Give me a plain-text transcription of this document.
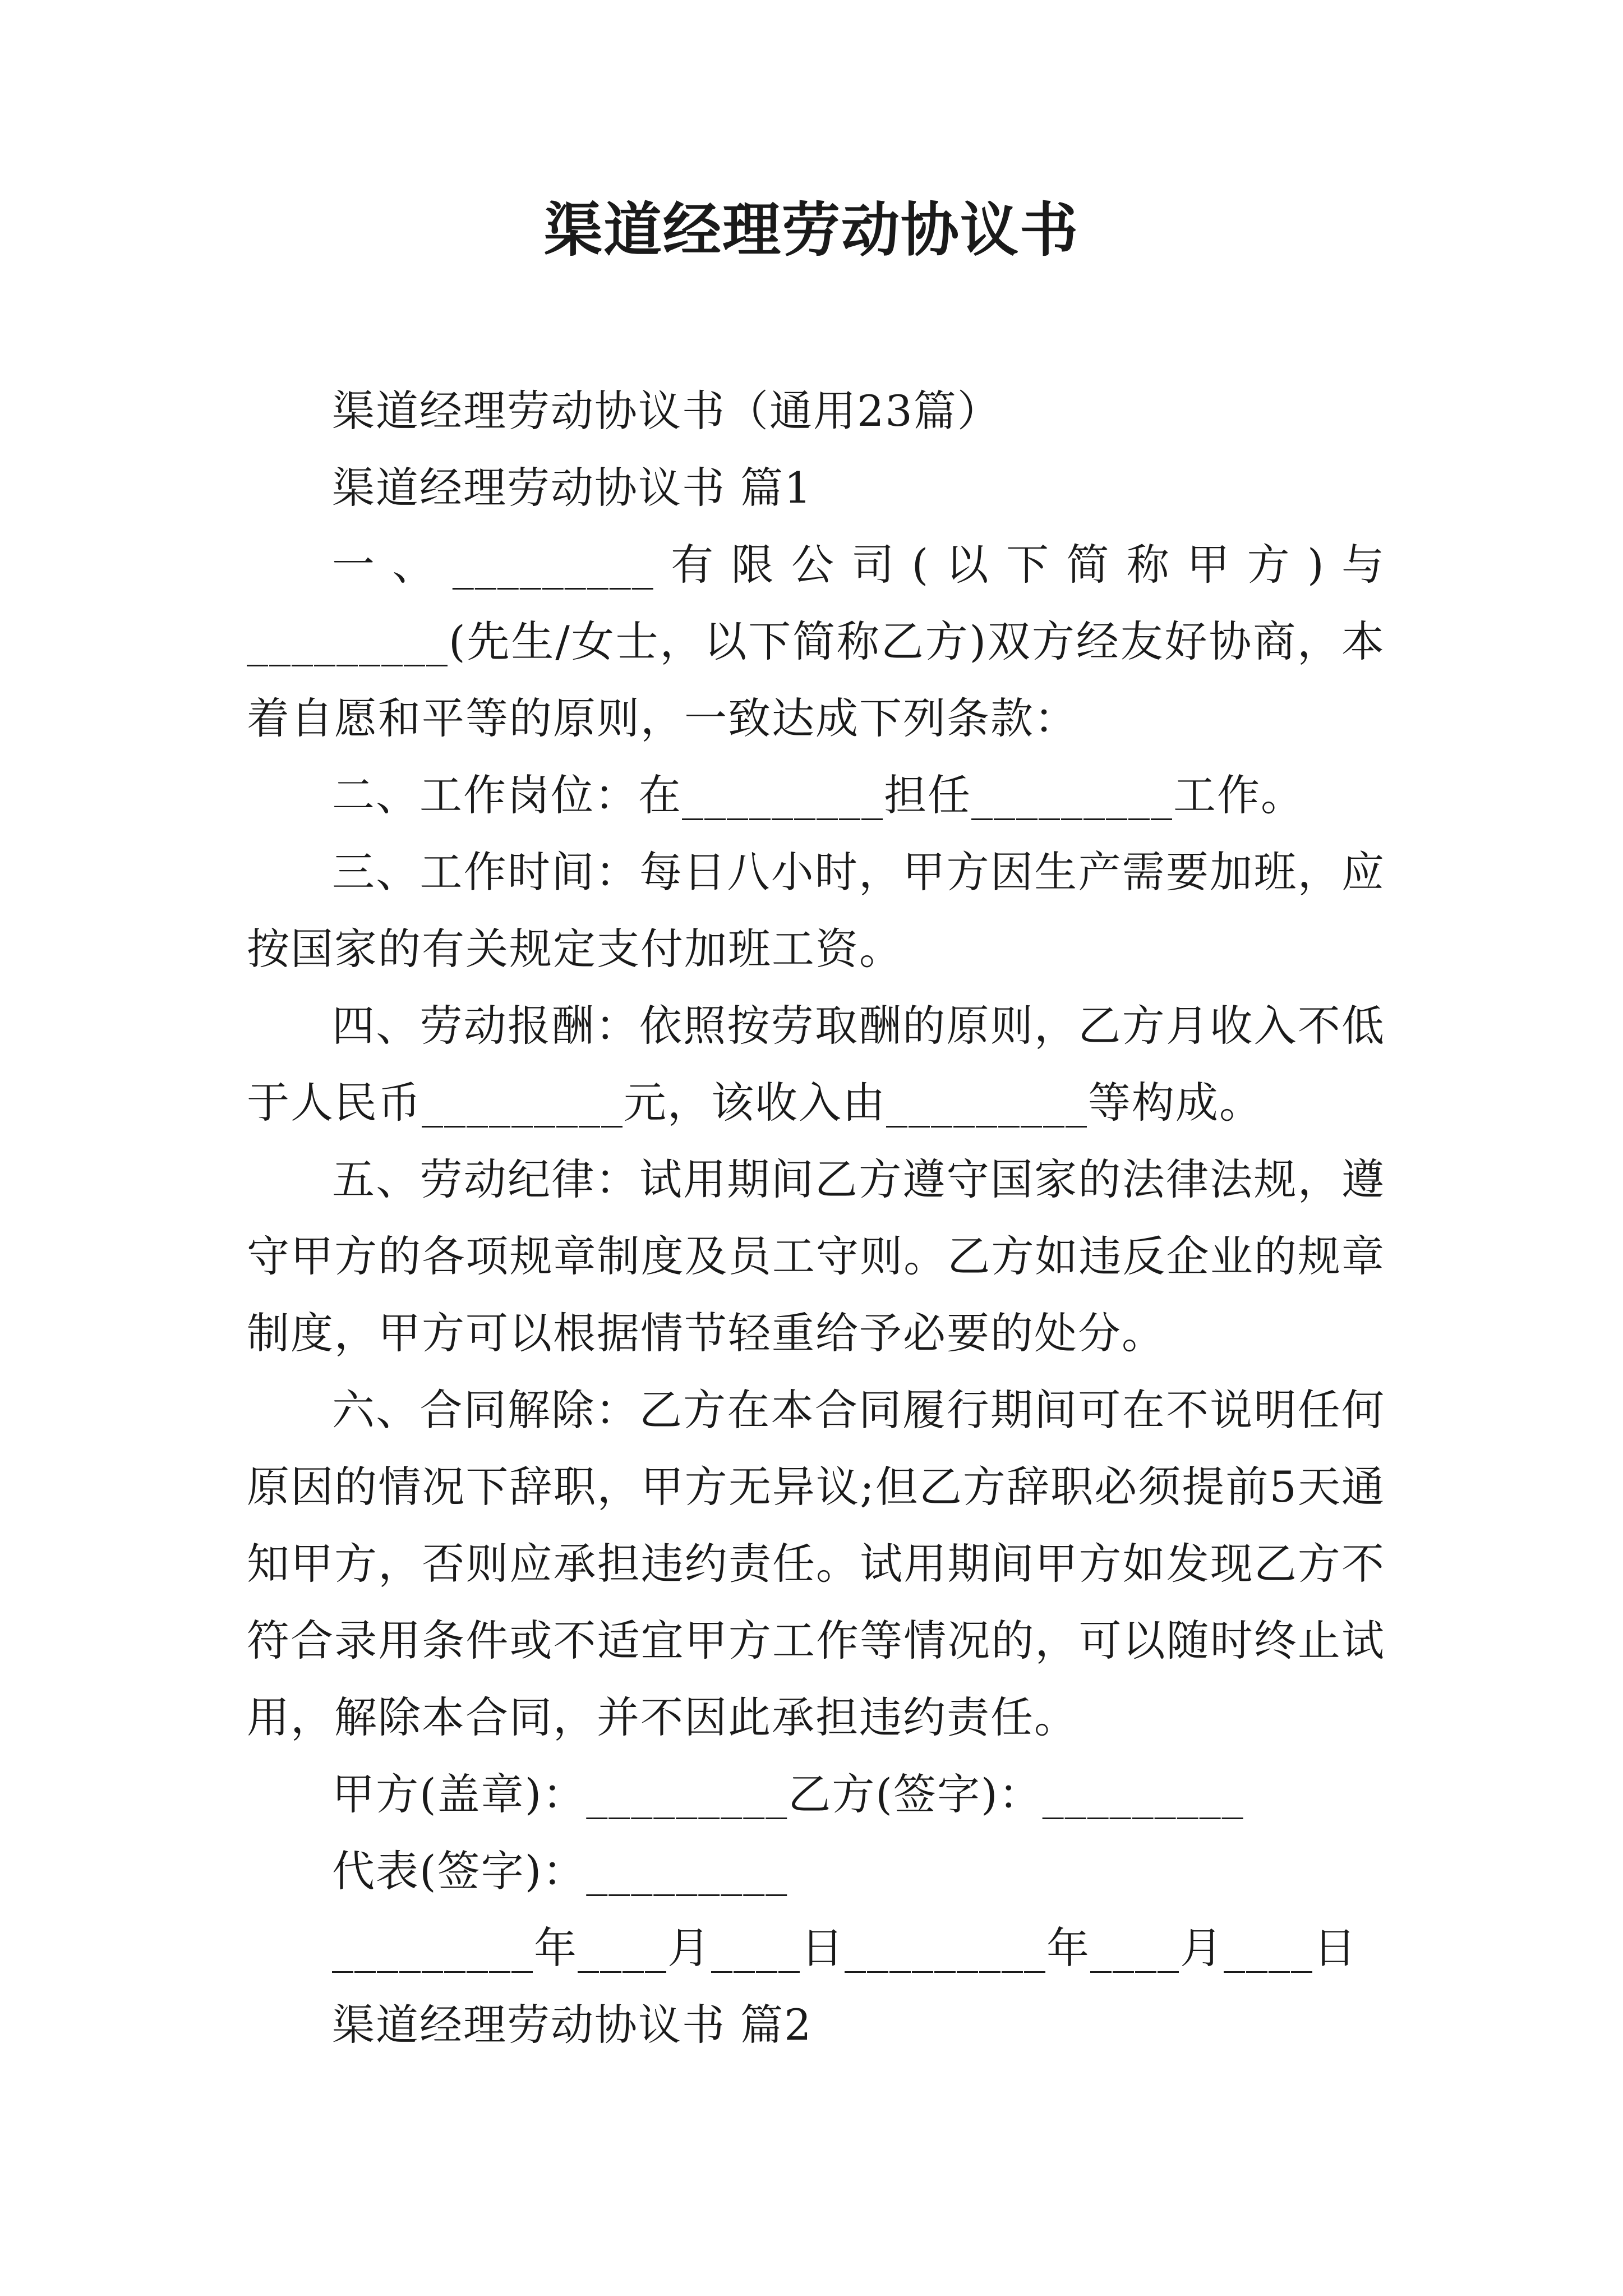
渠道经理劳动协议书

渠道经理劳动协议书（通用23篇）

渠道经理劳动协议书 篇1

一、_________有限公司(以下简称甲方)与_________(先生/女士，以下简称乙方)双方经友好协商，本着自愿和平等的原则，一致达成下列条款：

二、工作岗位：在_________担任_________工作。

三、工作时间：每日八小时，甲方因生产需要加班，应按国家的有关规定支付加班工资。

四、劳动报酬：依照按劳取酬的原则，乙方月收入不低于人民币_________元，该收入由_________等构成。

五、劳动纪律：试用期间乙方遵守国家的法律法规，遵守甲方的各项规章制度及员工守则。乙方如违反企业的规章制度，甲方可以根据情节轻重给予必要的处分。

六、合同解除：乙方在本合同履行期间可在不说明任何原因的情况下辞职，甲方无异议;但乙方辞职必须提前5天通知甲方，否则应承担违约责任。试用期间甲方如发现乙方不符合录用条件或不适宜甲方工作等情况的，可以随时终止试用，解除本合同，并不因此承担违约责任。

甲方(盖章)：_________乙方(签字)：_________

代表(签字)：_________

_________年____月____日_________年____月____日

渠道经理劳动协议书 篇2
